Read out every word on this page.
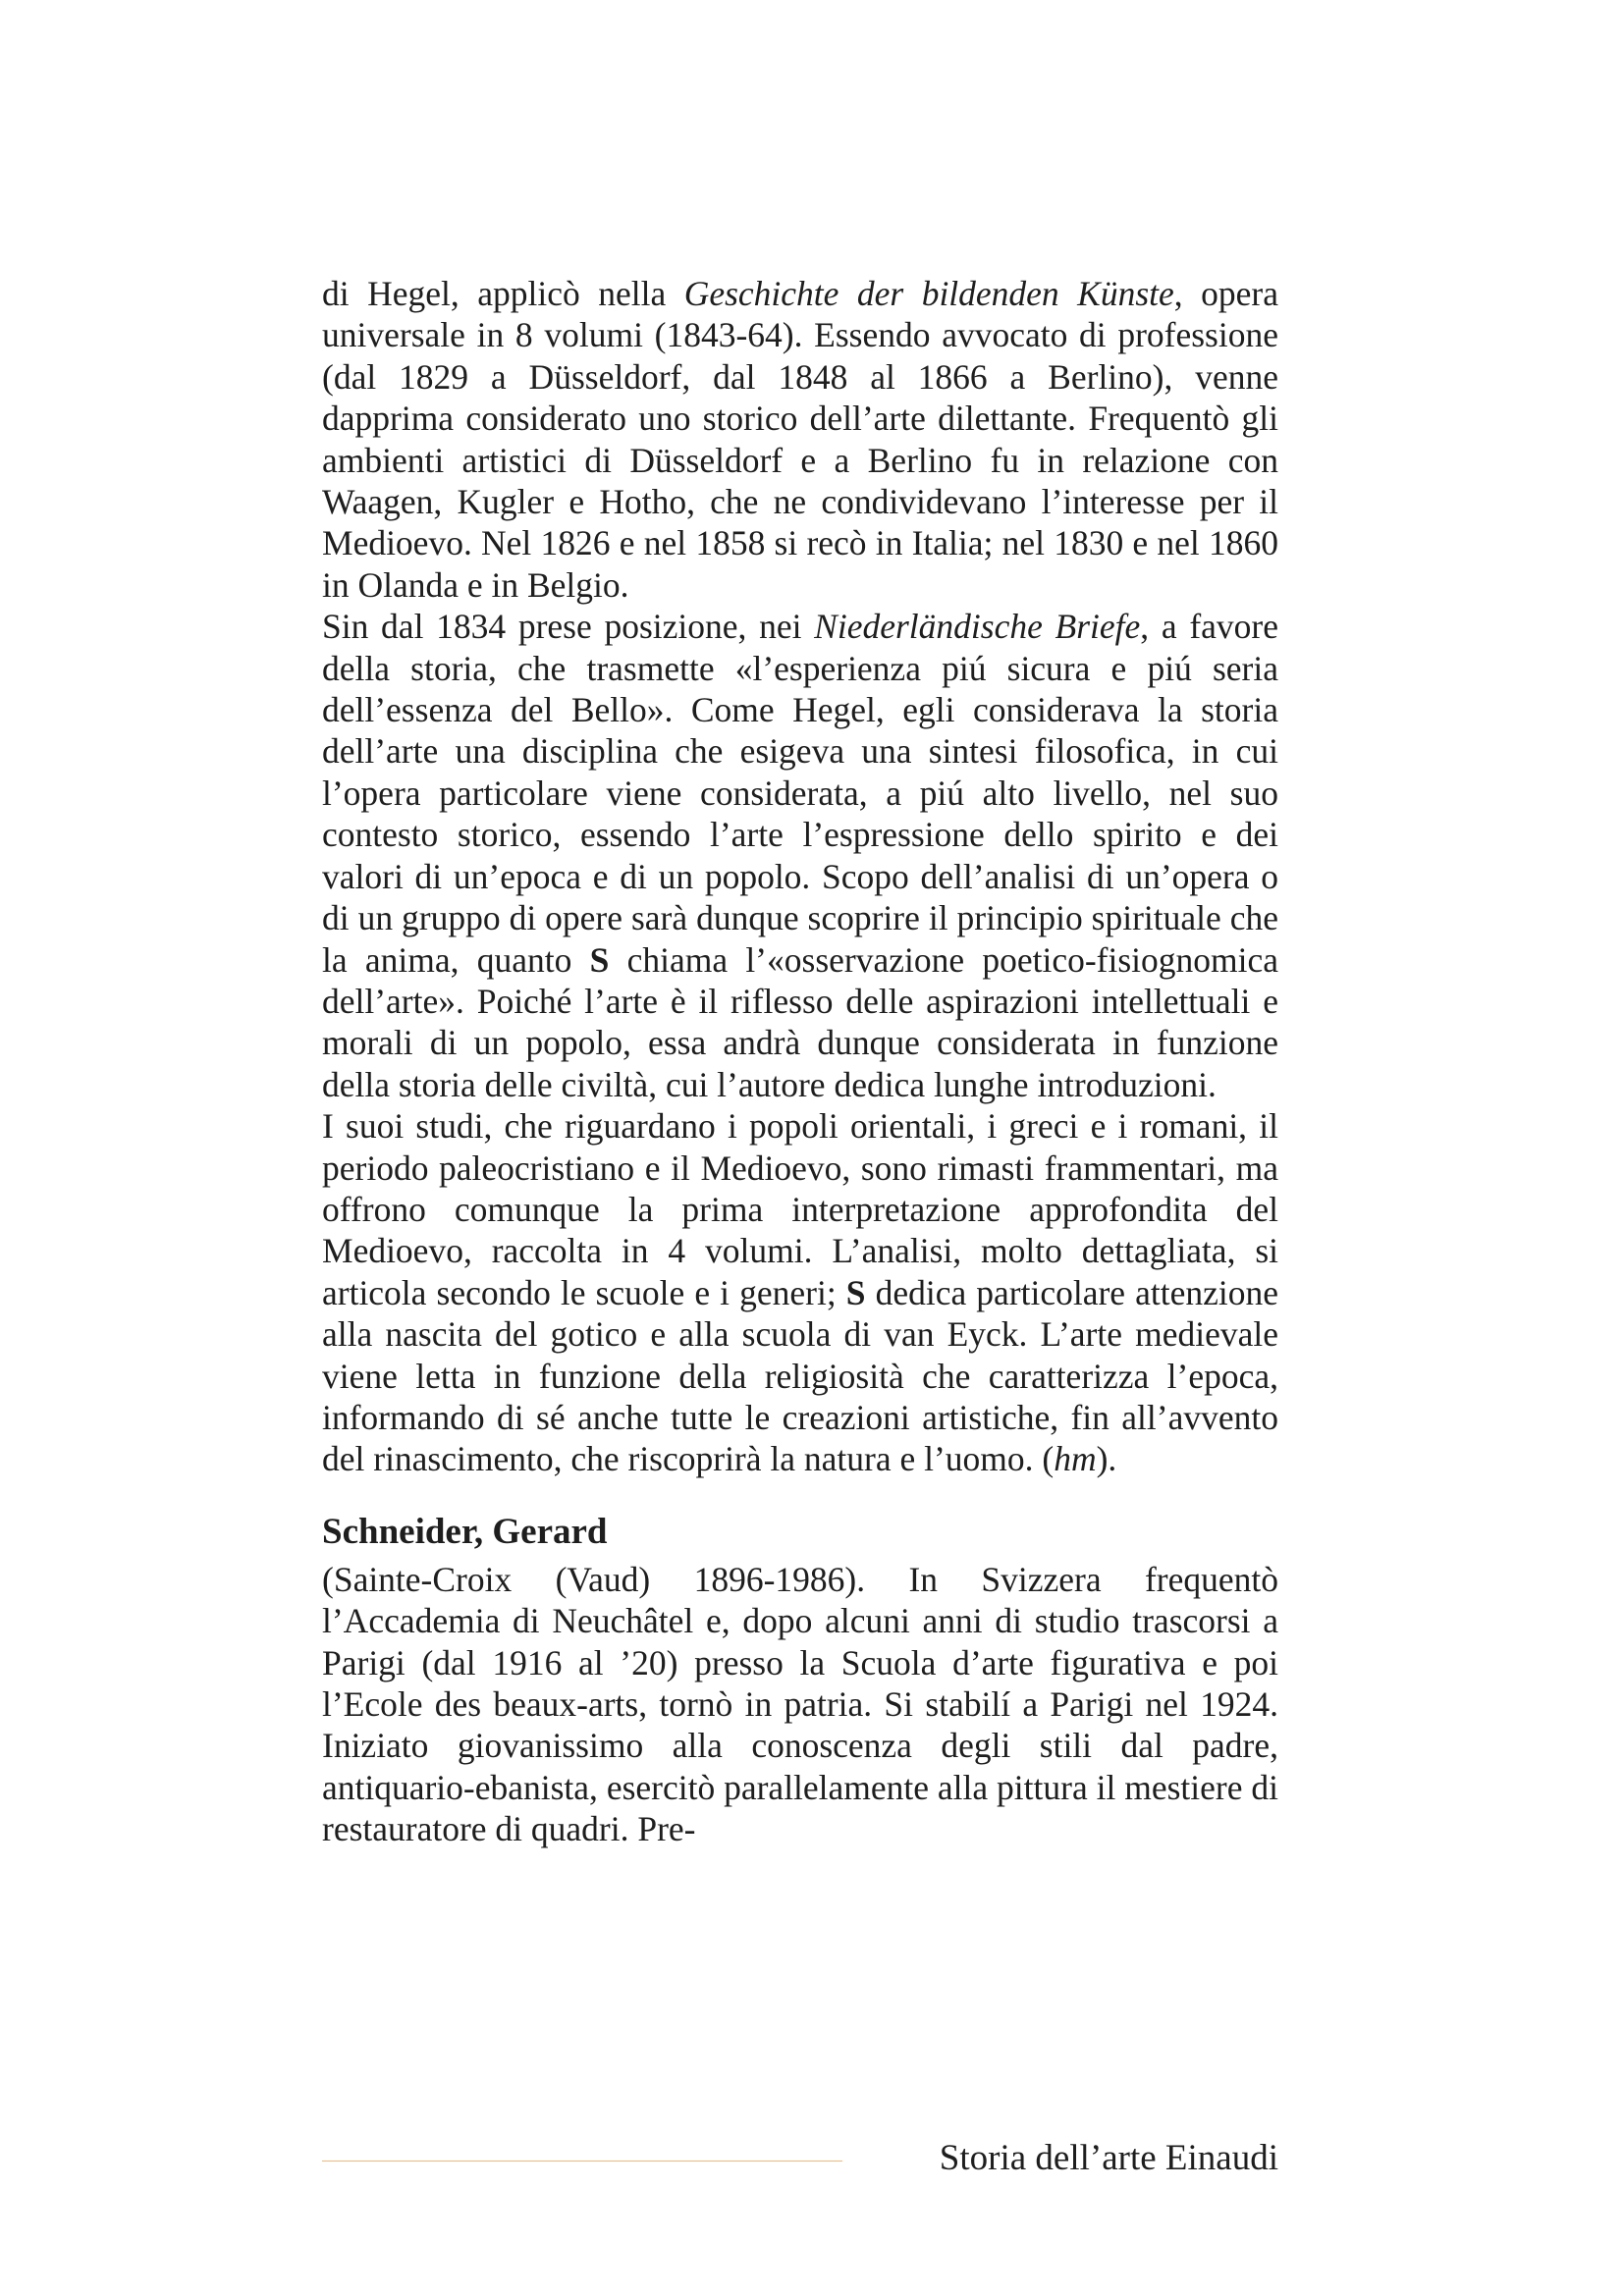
di Hegel, applicò nella Geschichte der bildenden Künste, opera universale in 8 volumi (1843-64). Essendo avvocato di professione (dal 1829 a Düsseldorf, dal 1848 al 1866 a Berlino), venne dapprima considerato uno storico dell’arte dilettante. Frequentò gli ambienti artistici di Düsseldorf e a Berlino fu in relazione con Waagen, Kugler e Hotho, che ne condividevano l’interesse per il Medioevo. Nel 1826 e nel 1858 si recò in Italia; nel 1830 e nel 1860 in Olanda e in Belgio.

Sin dal 1834 prese posizione, nei Niederländische Briefe, a favore della storia, che trasmette «l’esperienza piú sicura e piú seria dell’essenza del Bello». Come Hegel, egli considerava la storia dell’arte una disciplina che esigeva una sintesi filosofica, in cui l’opera particolare viene considerata, a piú alto livello, nel suo contesto storico, essendo l’arte l’espressione dello spirito e dei valori di un’epoca e di un popolo. Scopo dell’analisi di un’opera o di un gruppo di opere sarà dunque scoprire il principio spirituale che la anima, quanto S chiama l’«osservazione poetico-fisiognomica dell’arte». Poiché l’arte è il riflesso delle aspirazioni intellettuali e morali di un popolo, essa andrà dunque considerata in funzione della storia delle civiltà, cui l’autore dedica lunghe introduzioni.

I suoi studi, che riguardano i popoli orientali, i greci e i romani, il periodo paleocristiano e il Medioevo, sono rimasti frammentari, ma offrono comunque la prima interpretazione approfondita del Medioevo, raccolta in 4 volumi. L’analisi, molto dettagliata, si articola secondo le scuole e i generi; S dedica particolare attenzione alla nascita del gotico e alla scuola di van Eyck. L’arte medievale viene letta in funzione della religiosità che caratterizza l’epoca, informando di sé anche tutte le creazioni artistiche, fin all’avvento del rinascimento, che riscoprirà la natura e l’uomo. (hm).

Schneider, Gerard

(Sainte-Croix (Vaud) 1896-1986). In Svizzera frequentò l’Accademia di Neuchâtel e, dopo alcuni anni di studio trascorsi a Parigi (dal 1916 al ’20) presso la Scuola d’arte figurativa e poi l’Ecole des beaux-arts, tornò in patria. Si stabilí a Parigi nel 1924. Iniziato giovanissimo alla conoscenza degli stili dal padre, antiquario-ebanista, esercitò parallelamente alla pittura il mestiere di restauratore di quadri. Pre-

Storia dell’arte Einaudi
